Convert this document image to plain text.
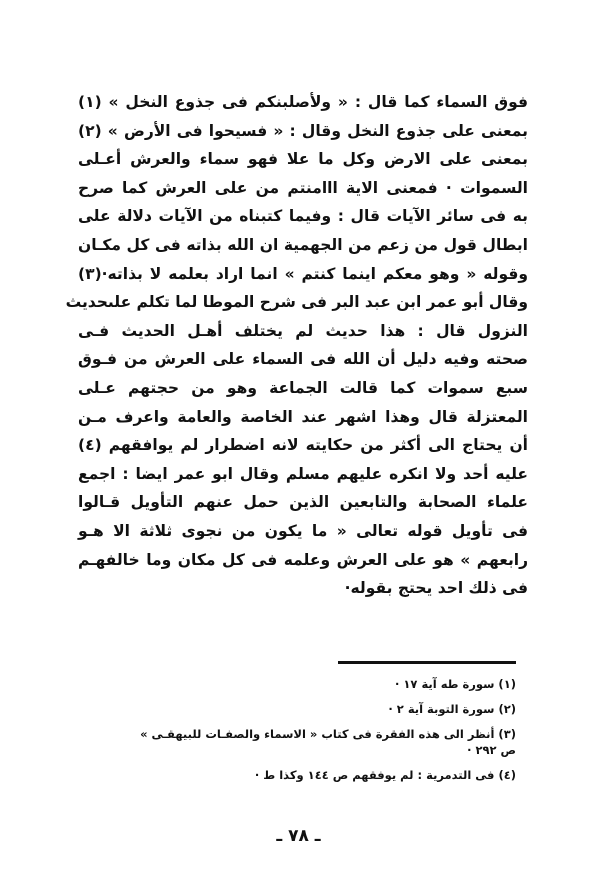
فوق السماء كما قال : « ولأصلبنكم فى جذوع النخل » (١)
بمعنى على جذوع النخل وقال : « فسيحوا فى الأرض » (٢)
بمعنى على الارض وكل ما علا فهو سماء والعرش أعـلى
السموات · فمعنى الاية ااامنتم من على العرش كما صرح
به فى سائر الآيات قال : وفيما كتبناه من الآيات دلالة على
ابطال قول من زعم من الجهمية ان الله بذاته فى كل مكـان
وقوله « وهو معكم اينما كنتم » انما اراد بعلمه لا بذاته·(٣)
وقال أبو عمر ابن عبد البر فى شرح الموطا لما تكلم علىحديث
النزول قال : هذا حديث لم يختلف أهـل الحديث فـى
صحته وفيه دليل أن الله فى السماء على العرش من فـوق
سبع سموات كما قالت الجماعة وهو من حجتهم عـلى
المعتزلة قال وهذا اشهر عند الخاصة والعامة واعرف مـن
أن يحتاج الى أكثر من حكايته لانه اضطرار لم يوافقهم (٤)
عليه أحد ولا انكره عليهم مسلم وقال ابو عمر ايضا : اجمع
علماء الصحابة والتابعين الذين حمل عنهم التأويل قـالوا
فى تأويل قوله تعالى « ما يكون من نجوى ثلاثة الا هـو
رابعهم » هو على العرش وعلمه فى كل مكان وما خالفهـم
فى ذلك احد يحتج بقوله·
(١) سورة طه آية ١٧ ·
(٢) سورة التوبة آية ٢ ·
(٣) أنظر الى هذه الفقرة فى كتاب « الاسماء والصفـات للبيهقـى »
ص ٢٩٢ ·
(٤) فى التدمرية : لم يوفقهم ص ١٤٤ وكذا ط ·
ـ ٧٨ ـ
